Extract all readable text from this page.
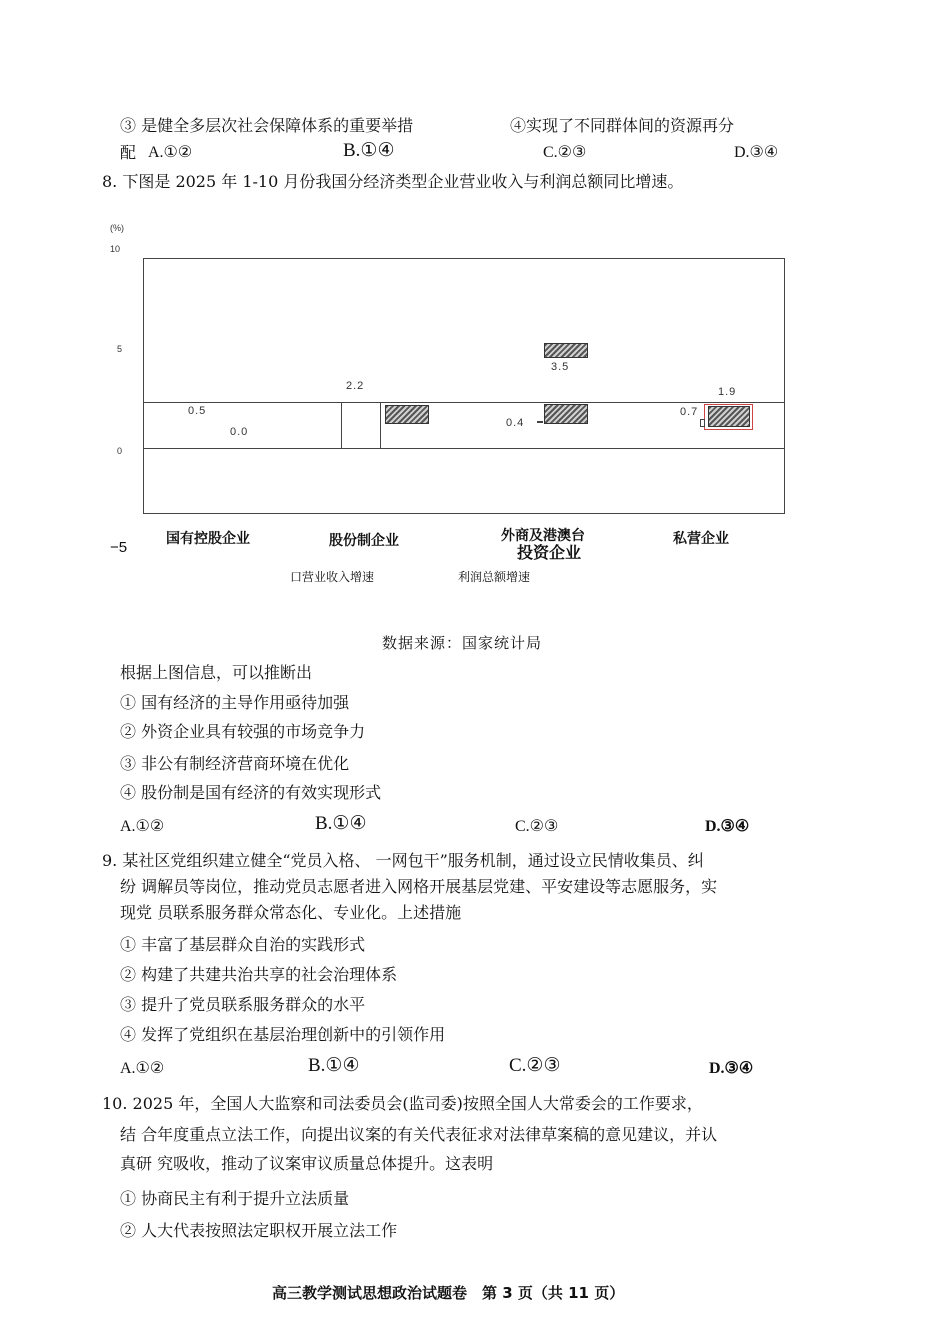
③ 是健全多层次社会保障体系的重要举措	④实现了不同群体间的资源再分
配 A.①②	B.①④	C.②③	D.③④
8. 下图是 2025 年 1-10 月份我国分经济类型企业营业收入与利润总额同比增速。
(%)
10
5
0
−5
0.5
0.0
2.2
3.5
0.4
0.7
1.9
国有控股企业	股份制企业	外商及港澳台
投资企业
私营企业
口营业收入增速	利润总额增速
数据来源：国家统计局
根据上图信息，可以推断出
① 国有经济的主导作用亟待加强
② 外资企业具有较强的市场竞争力
③ 非公有制经济营商环境在优化
④ 股份制是国有经济的有效实现形式
A.①②	B.①④	C.②③	D.③④
9. 某社区党组织建立健全“党员入格、 一网包干”服务机制，通过设立民情收集员、纠
纷 调解员等岗位，推动党员志愿者进入网格开展基层党建、平安建设等志愿服务，实
现党 员联系服务群众常态化、专业化。上述措施
① 丰富了基层群众自治的实践形式
② 构建了共建共治共享的社会治理体系
③ 提升了党员联系服务群众的水平
④ 发挥了党组织在基层治理创新中的引领作用
A.①②	B.①④	C.②③	D.③④
10. 2025 年，全国人大监察和司法委员会(监司委)按照全国人大常委会的工作要求，
结 合年度重点立法工作，向提出议案的有关代表征求对法律草案稿的意见建议，并认
真研 究吸收，推动了议案审议质量总体提升。这表明
① 协商民主有利于提升立法质量
② 人大代表按照法定职权开展立法工作
高三教学测试思想政治试题卷　第 3 页（共 11 页）
